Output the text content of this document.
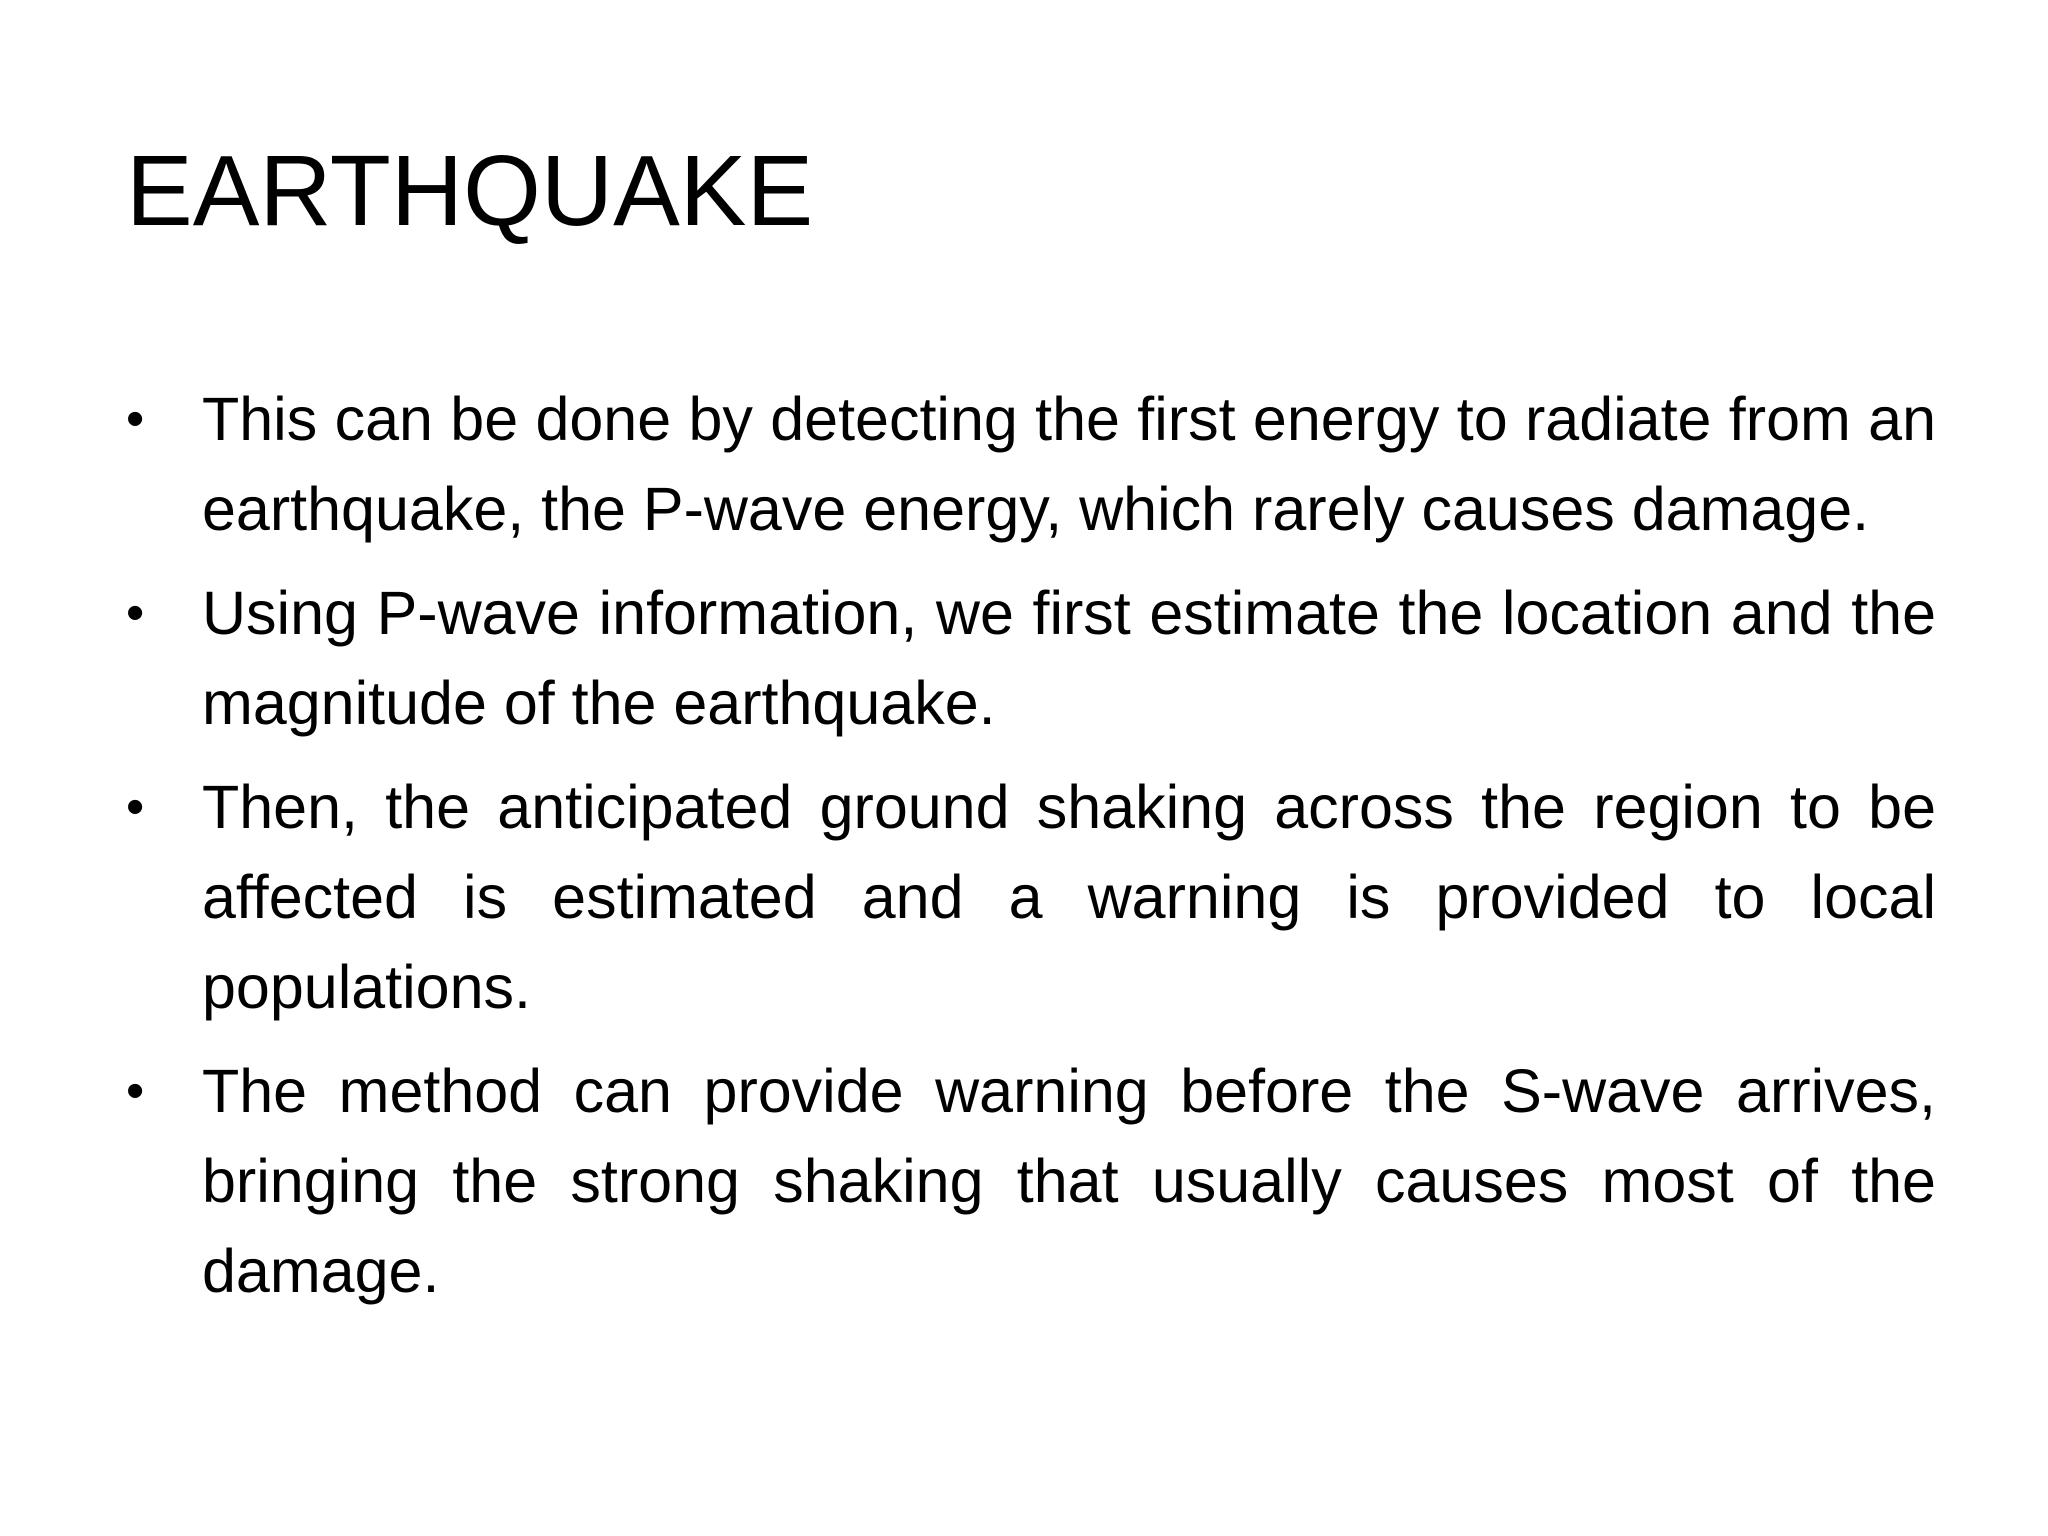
EARTHQUAKE
• This can be done by detecting the first energy to radiate from an earthquake, the P-wave energy, which rarely causes damage.
• Using P-wave information, we first estimate the location and the magnitude of the earthquake.
• Then, the anticipated ground shaking across the region to be affected is estimated and a warning is provided to local populations.
• The method can provide warning before the S-wave arrives, bringing the strong shaking that usually causes most of the damage.
